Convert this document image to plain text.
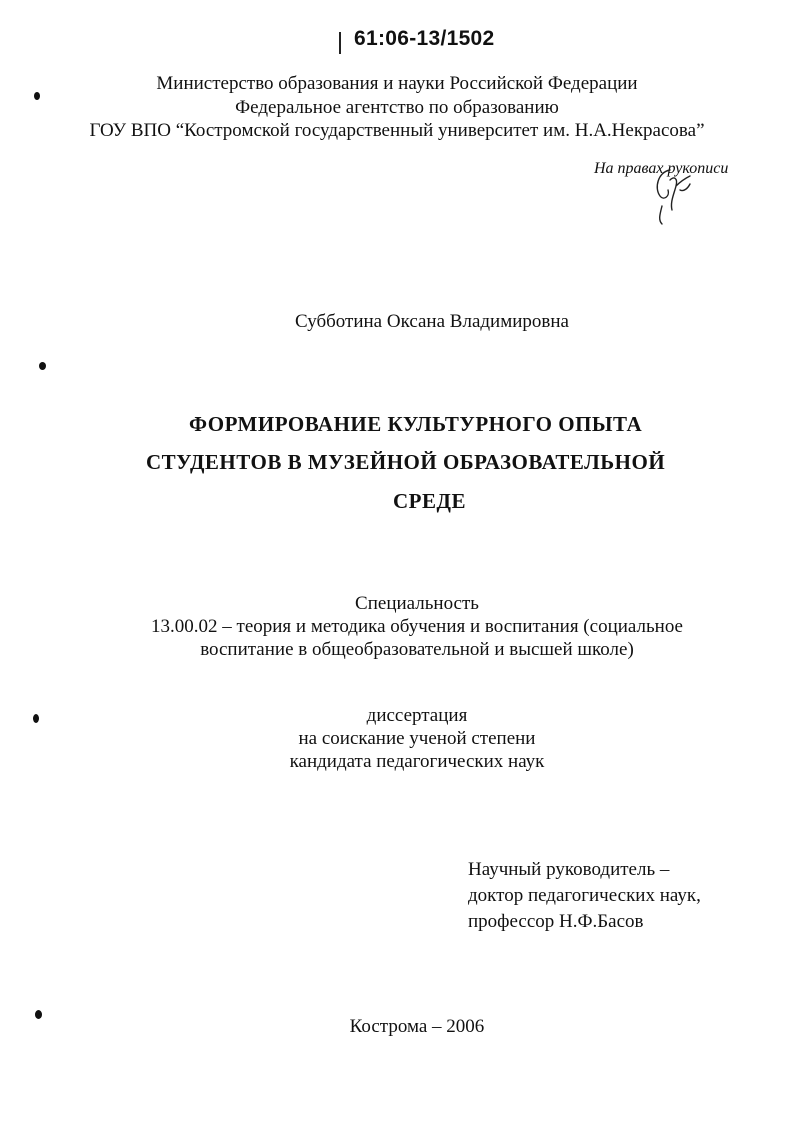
61:06-13/1502
Министерство образования и науки Российской Федерации
Федеральное агентство по образованию
ГОУ ВПО “Костромской государственный университет им. Н.А.Некрасова”
На правах рукописи
Субботина Оксана Владимировна
ФОРМИРОВАНИЕ КУЛЬТУРНОГО ОПЫТА
СТУДЕНТОВ В МУЗЕЙНОЙ ОБРАЗОВАТЕЛЬНОЙ
СРЕДЕ
Специальность
13.00.02 – теория и методика обучения и воспитания (социальное
воспитание в общеобразовательной и высшей школе)
диссертация
на соискание ученой степени
кандидата педагогических наук
Научный руководитель –
доктор педагогических наук,
профессор Н.Ф.Басов
Кострома – 2006
